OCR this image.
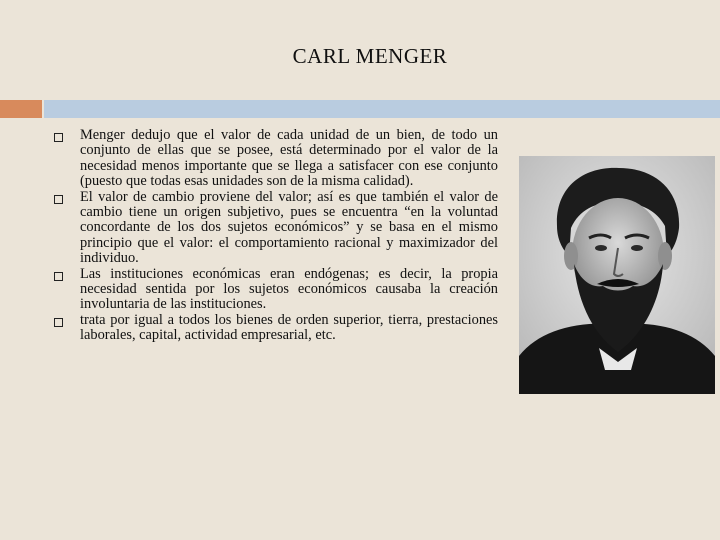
CARL MENGER
Menger dedujo que el valor de cada unidad de un bien, de todo un conjunto de ellas que se posee, está determinado por el valor de la necesidad menos importante que se llega a satisfacer con ese conjunto (puesto que todas esas unidades son de la misma calidad).
El valor de cambio proviene del valor; así es que también el valor de cambio tiene un origen subjetivo, pues se encuentra “en la voluntad concordante de los dos sujetos económicos” y se basa en el mismo principio que el valor: el comportamiento racional y maximizador del individuo.
Las instituciones económicas eran endógenas; es decir, la propia necesidad sentida por los sujetos económicos causaba la creación involuntaria de las instituciones.
trata por igual a todos los bienes de orden superior, tierra, prestaciones laborales, capital, actividad empresarial, etc.
